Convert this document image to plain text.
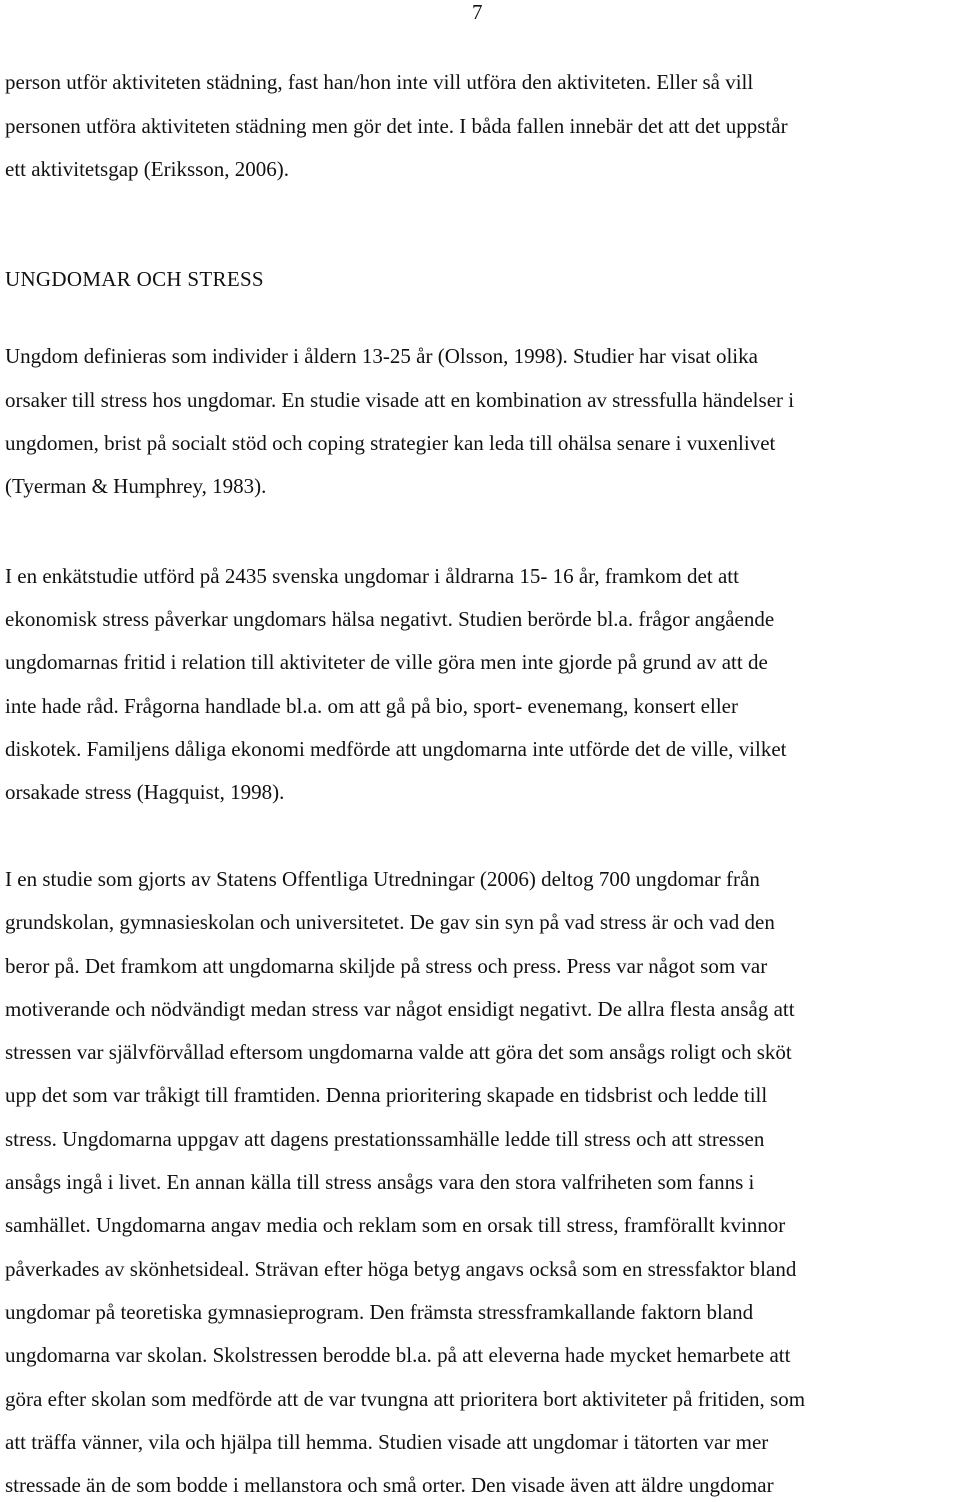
7
person utför aktiviteten städning, fast han/hon inte vill utföra den aktiviteten. Eller så vill
personen utföra aktiviteten städning men gör det inte. I båda fallen innebär det att det uppstår
ett aktivitetsgap (Eriksson, 2006).
UNGDOMAR OCH STRESS
Ungdom definieras som individer i åldern 13-25 år (Olsson, 1998). Studier har visat olika
orsaker till stress hos ungdomar. En studie visade att en kombination av stressfulla händelser i
ungdomen, brist på socialt stöd och coping strategier kan leda till ohälsa senare i vuxenlivet
(Tyerman & Humphrey, 1983).
I en enkätstudie utförd på 2435 svenska ungdomar i åldrarna 15- 16 år, framkom det att
ekonomisk stress påverkar ungdomars hälsa negativt. Studien berörde bl.a. frågor angående
ungdomarnas fritid i relation till aktiviteter de ville göra men inte gjorde på grund av att de
inte hade råd. Frågorna handlade bl.a. om att gå på bio, sport- evenemang, konsert eller
diskotek. Familjens dåliga ekonomi medförde att ungdomarna inte utförde det de ville, vilket
orsakade stress (Hagquist, 1998).
I en studie som gjorts av Statens Offentliga Utredningar (2006) deltog 700 ungdomar från
grundskolan, gymnasieskolan och universitetet. De gav sin syn på vad stress är och vad den
beror på. Det framkom att ungdomarna skiljde på stress och press. Press var något som var
motiverande och nödvändigt medan stress var något ensidigt negativt. De allra flesta ansåg att
stressen var självförvållad eftersom ungdomarna valde att göra det som ansågs roligt och sköt
upp det som var tråkigt till framtiden. Denna prioritering skapade en tidsbrist och ledde till
stress. Ungdomarna uppgav att dagens prestationssamhälle ledde till stress och att stressen
ansågs ingå i livet. En annan källa till stress ansågs vara den stora valfriheten som fanns i
samhället. Ungdomarna angav media och reklam som en orsak till stress, framförallt kvinnor
påverkades av skönhetsideal. Strävan efter höga betyg angavs också som en stressfaktor bland
ungdomar på teoretiska gymnasieprogram. Den främsta stressframkallande faktorn bland
ungdomarna var skolan. Skolstressen berodde bl.a. på att eleverna hade mycket hemarbete att
göra efter skolan som medförde att de var tvungna att prioritera bort aktiviteter på fritiden, som
att träffa vänner, vila och hjälpa till hemma. Studien visade att ungdomar i tätorten var mer
stressade än de som bodde i mellanstora och små orter. Den visade även att äldre ungdomar
